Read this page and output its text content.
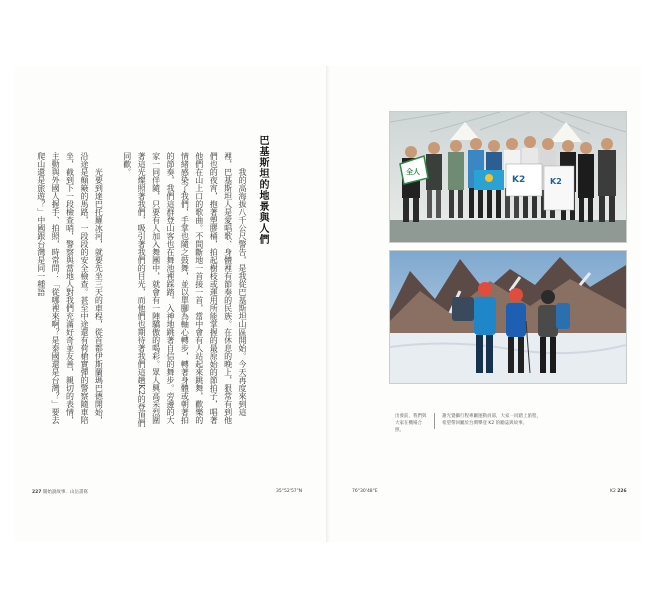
巴基斯坦的地景與人們

我的高海拔八千公尺警告，是我從巴基斯坦山區開始。今天再度來到這裡，巴基斯坦人是愛唱歌、身體裡有節奏的民族。在休息的晚上，狠常有到他們也的夜宵，抱著塑膠桶，拍起樹枝或運用所能掌握的最原始的節拍子，唱著他們在山上口的歌曲。不間斷地一首接一首，當中會有人站起來跳舞，歡樂的情緒感染了我們，手掌也隨之鼓舞，並以單腳為軸心轉步，轉著身體或朝著拍的節奏，我們這群登山客也在舞池裡踩踏，入神地跳著自信的舞步。旁邊的大家一同伴隨，只要有人加入舞團中，就會有一陣驕傲的喝彩。眾人興高采烈圍著這光燦照著我們，吸引著我們的目光，而他們也期待著我們這趟K2的登頂們同歡。

光要到達巴托羅冰河，就要先坐三天的車程，從首都伊斯蘭瑪巴德開始，沿途是顛簸的馬路，一段段的安全檢查。甚至中途還有荷槍實彈的警察隨車陪坐，截到下一段檢查哨，警察與當地人對我們充滿好奇並友善，親切的表情，主動與外國人握手、拍照，時常問：「從哪裡來啊？是泰國還是台灣？」要去爬山還是旅遊？」中國跟台灣是同一種語	全人
K2	K2
出發前，我們與大家在機場合照。
謝光覺攝行程專屬運動員部，大家一同踏上旅程，希望帶回屬於台灣攀登 K2 的勵誌與故事。
227 開始說故事．山岳書寫	35°52'57"N	76°30'48"E	K2 226
